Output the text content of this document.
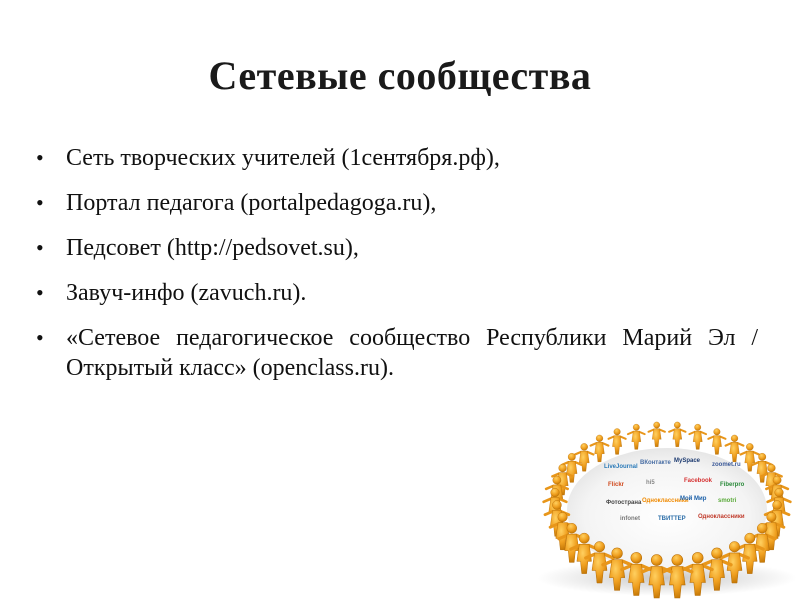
Сетевые сообщества
• Сеть творческих учителей (1сентября.рф),
• Портал педагога (portalpedagoga.ru),
• Педсовет (http://pedsovet.su),
• Завуч-инфо (zavuch.ru).
• «Сетевое педагогическое сообщество Республики Марий Эл / Открытый класс» (openclass.ru).
LiveJournal
ВКонтакте MySpace
zoomet.ru
Flickr	hi5	Facebook
Fiberpro
Фотострана Одноклассники
Мой Мир smotri
infonet	ТВИТТЕР Одноклассники
